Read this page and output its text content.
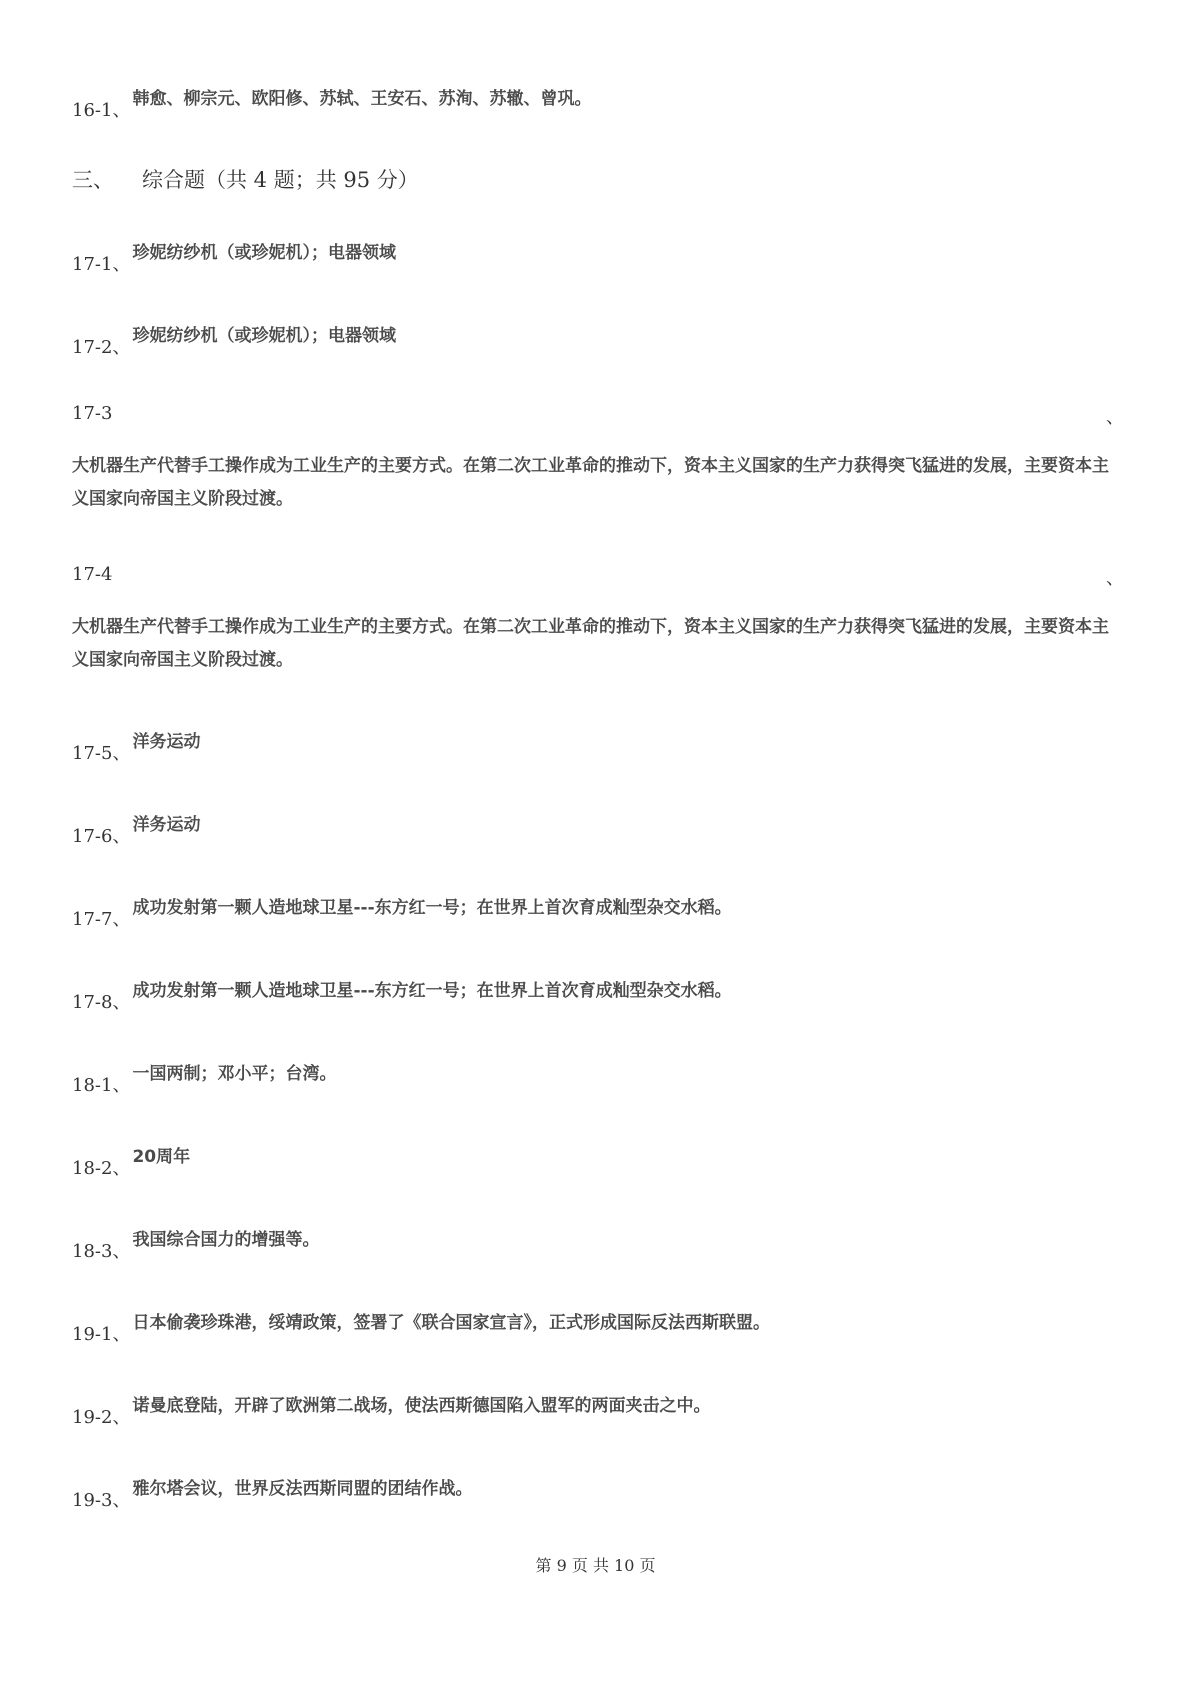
16-1、韩愈、柳宗元、欧阳修、苏轼、王安石、苏洵、苏辙、曾巩。
三、 综合题（共 4 题；共 95 分）
17-1、珍妮纺纱机（或珍妮机）；电器领域
17-2、珍妮纺纱机（或珍妮机）；电器领域
17-3	、
大机器生产代替手工操作成为工业生产的主要方式。在第二次工业革命的推动下，资本主义国家的生产力获得突飞猛进的发展，主要资本主义国家向帝国主义阶段过渡。
17-4	、
大机器生产代替手工操作成为工业生产的主要方式。在第二次工业革命的推动下，资本主义国家的生产力获得突飞猛进的发展，主要资本主义国家向帝国主义阶段过渡。
17-5、洋务运动
17-6、洋务运动
17-7、成功发射第一颗人造地球卫星---东方红一号；在世界上首次育成籼型杂交水稻。
17-8、成功发射第一颗人造地球卫星---东方红一号；在世界上首次育成籼型杂交水稻。
18-1、一国两制；邓小平；台湾。
18-2、20周年
18-3、我国综合国力的增强等。
19-1、日本偷袭珍珠港，绥靖政策，签署了《联合国家宣言》，正式形成国际反法西斯联盟。
19-2、诺曼底登陆，开辟了欧洲第二战场，使法西斯德国陷入盟军的两面夹击之中。
19-3、雅尔塔会议，世界反法西斯同盟的团结作战。
第 9 页 共 10 页
